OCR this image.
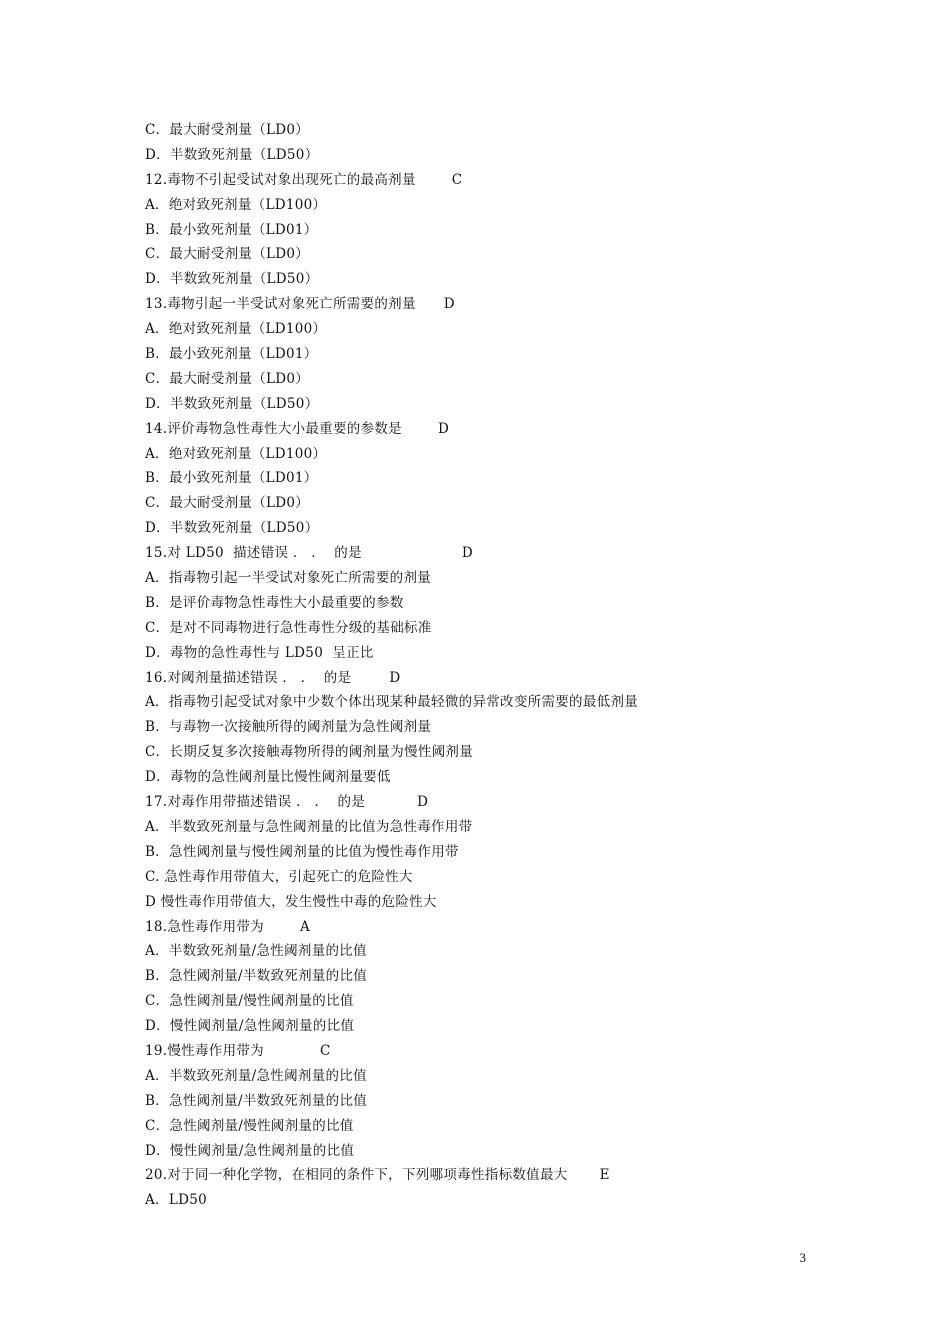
C．最大耐受剂量（LD0）
D．半数致死剂量（LD50）
12.毒物不引起受试对象出现死亡的最高剂量	C
A．绝对致死剂量（LD100）
B．最小致死剂量（LD01）
C．最大耐受剂量（LD0）
D．半数致死剂量（LD50）
13.毒物引起一半受试对象死亡所需要的剂量 D
A．绝对致死剂量（LD100）
B．最小致死剂量（LD01）
C．最大耐受剂量（LD0）
D．半数致死剂量（LD50）
14.评价毒物急性毒性大小最重要的参数是	D
A．绝对致死剂量（LD100）
B．最小致死剂量（LD01）
C．最大耐受剂量（LD0）
D．半数致死剂量（LD50）
15.对 LD50  描述错误 ． ．  的是	D
A．指毒物引起一半受试对象死亡所需要的剂量
B．是评价毒物急性毒性大小最重要的参数
C．是对不同毒物进行急性毒性分级的基础标准
D．毒物的急性毒性与 LD50  呈正比
16.对阈剂量描述错误 ． ．  的是	D
A．指毒物引起受试对象中少数个体出现某种最轻微的异常改变所需要的最低剂量
B．与毒物一次接触所得的阈剂量为急性阈剂量
C．长期反复多次接触毒物所得的阈剂量为慢性阈剂量
D．毒物的急性阈剂量比慢性阈剂量要低
17.对毒作用带描述错误 ． ．  的是	D
A．半数致死剂量与急性阈剂量的比值为急性毒作用带
B．急性阈剂量与慢性阈剂量的比值为慢性毒作用带
C. 急性毒作用带值大，引起死亡的危险性大
D 慢性毒作用带值大，发生慢性中毒的危险性大
18.急性毒作用带为	A
A．半数致死剂量/急性阈剂量的比值
B．急性阈剂量/半数致死剂量的比值
C．急性阈剂量/慢性阈剂量的比值
D．慢性阈剂量/急性阈剂量的比值
19.慢性毒作用带为	C
A．半数致死剂量/急性阈剂量的比值
B．急性阈剂量/半数致死剂量的比值
C．急性阈剂量/慢性阈剂量的比值
D．慢性阈剂量/急性阈剂量的比值
20.对于同一种化学物，在相同的条件下，下列哪项毒性指标数值最大 E
A．LD50
3
